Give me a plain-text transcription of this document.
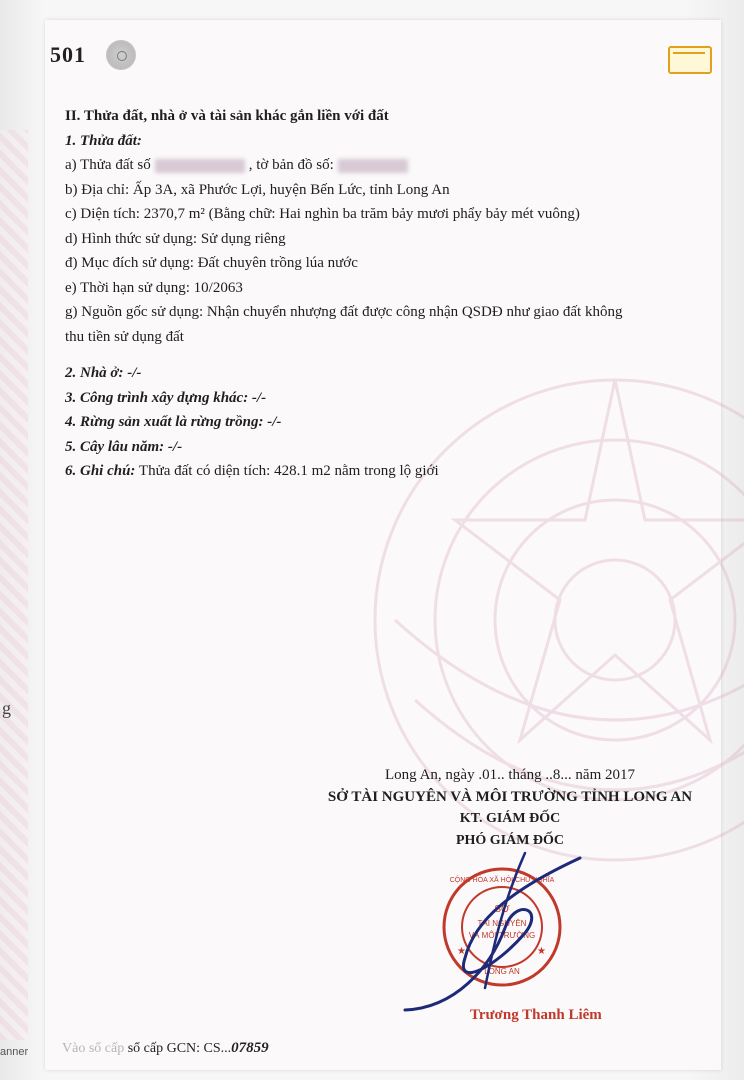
g
anner
501
II. Thửa đất, nhà ở và tài sản khác gắn liền với đất
1. Thửa đất:
a) Thửa đất số	, tờ bản đồ số:
b) Địa chỉ: Ấp 3A, xã Phước Lợi, huyện Bến Lức, tỉnh Long An
c) Diện tích: 2370,7 m² (Bằng chữ: Hai nghìn ba trăm bảy mươi phẩy bảy mét vuông)
d) Hình thức sử dụng: Sử dụng riêng
đ) Mục đích sử dụng: Đất chuyên trồng lúa nước
e) Thời hạn sử dụng: 10/2063
g) Nguồn gốc sử dụng: Nhận chuyển nhượng đất được công nhận QSDĐ như giao đất không
thu tiền sử dụng đất
2. Nhà ở: -/-
3. Công trình xây dựng khác: -/-
4. Rừng sản xuất là rừng trồng: -/-
5. Cây lâu năm: -/-
6. Ghi chú: Thửa đất có diện tích: 428.1 m2 nằm trong lộ giới
Long An, ngày .01.. tháng ..8... năm 2017
SỞ TÀI NGUYÊN VÀ MÔI TRƯỜNG TỈNH LONG AN
KT. GIÁM ĐỐC
PHÓ GIÁM ĐỐC
SỞ
TÀI NGUYÊN
VÀ MÔI TRƯỜNG
LONG AN
CỘNG HÒA XÃ HỘI CHỦ NGHĨA
★	★
Trương Thanh Liêm
Vào sổ cấp sổ cấp GCN: CS...07859
